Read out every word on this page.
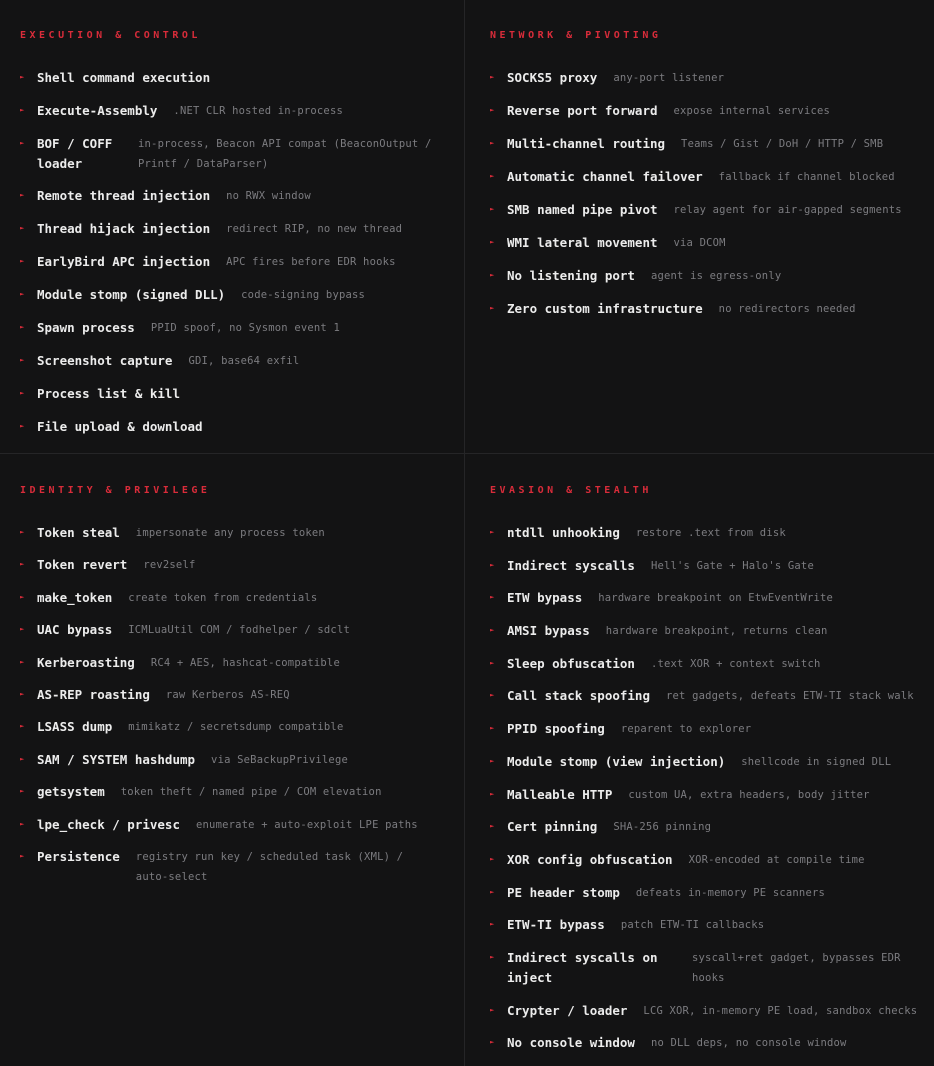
EXECUTION & CONTROL
►	Shell command execution
►	Execute-Assembly .NET CLR hosted in-process
►	BOF / COFF loader
in-process, Beacon API compat (BeaconOutput / Printf / DataParser)
►	Remote thread injection no RWX window
►	Thread hijack injection redirect RIP, no new thread
►	EarlyBird APC injection APC fires before EDR hooks
►	Module stomp (signed DLL) code-signing bypass
►	Spawn process PPID spoof, no Sysmon event 1
►	Screenshot capture GDI, base64 exfil
►	Process list & kill
►	File upload & download
NETWORK & PIVOTING
►	SOCKS5 proxy any-port listener
►	Reverse port forward expose internal services
►	Multi-channel routing Teams / Gist / DoH / HTTP / SMB
►	Automatic channel failover fallback if channel blocked
►	SMB named pipe pivot relay agent for air-gapped segments
►	WMI lateral movement via DCOM
►	No listening port agent is egress-only
►	Zero custom infrastructure no redirectors needed
IDENTITY & PRIVILEGE
►	Token steal impersonate any process token
►	Token revert rev2self
►	make_token create token from credentials
►	UAC bypass ICMLuaUtil COM / fodhelper / sdclt
►	Kerberoasting RC4 + AES, hashcat-compatible
►	AS-REP roasting raw Kerberos AS-REQ
►	LSASS dump mimikatz / secretsdump compatible
►	SAM / SYSTEM hashdump via SeBackupPrivilege
►	getsystem token theft / named pipe / COM elevation
►	lpe_check / privesc enumerate + auto-exploit LPE paths
►	Persistence registry run key / scheduled task (XML) / auto-select
EVASION & STEALTH
►	ntdll unhooking restore .text from disk
►	Indirect syscalls Hell's Gate + Halo's Gate
►	ETW bypass hardware breakpoint on EtwEventWrite
►	AMSI bypass hardware breakpoint, returns clean
►	Sleep obfuscation .text XOR + context switch
►	Call stack spoofing ret gadgets, defeats ETW-TI stack walk
►	PPID spoofing reparent to explorer
►	Module stomp (view injection) shellcode in signed DLL
►	Malleable HTTP custom UA, extra headers, body jitter
►	Cert pinning SHA-256 pinning
►	XOR config obfuscation XOR-encoded at compile time
►	PE header stomp defeats in-memory PE scanners
►	ETW-TI bypass patch ETW-TI callbacks
►	Indirect syscalls on inject
syscall+ret gadget, bypasses EDR hooks
►	Crypter / loader LCG XOR, in-memory PE load, sandbox checks
►	No console window no DLL deps, no console window
